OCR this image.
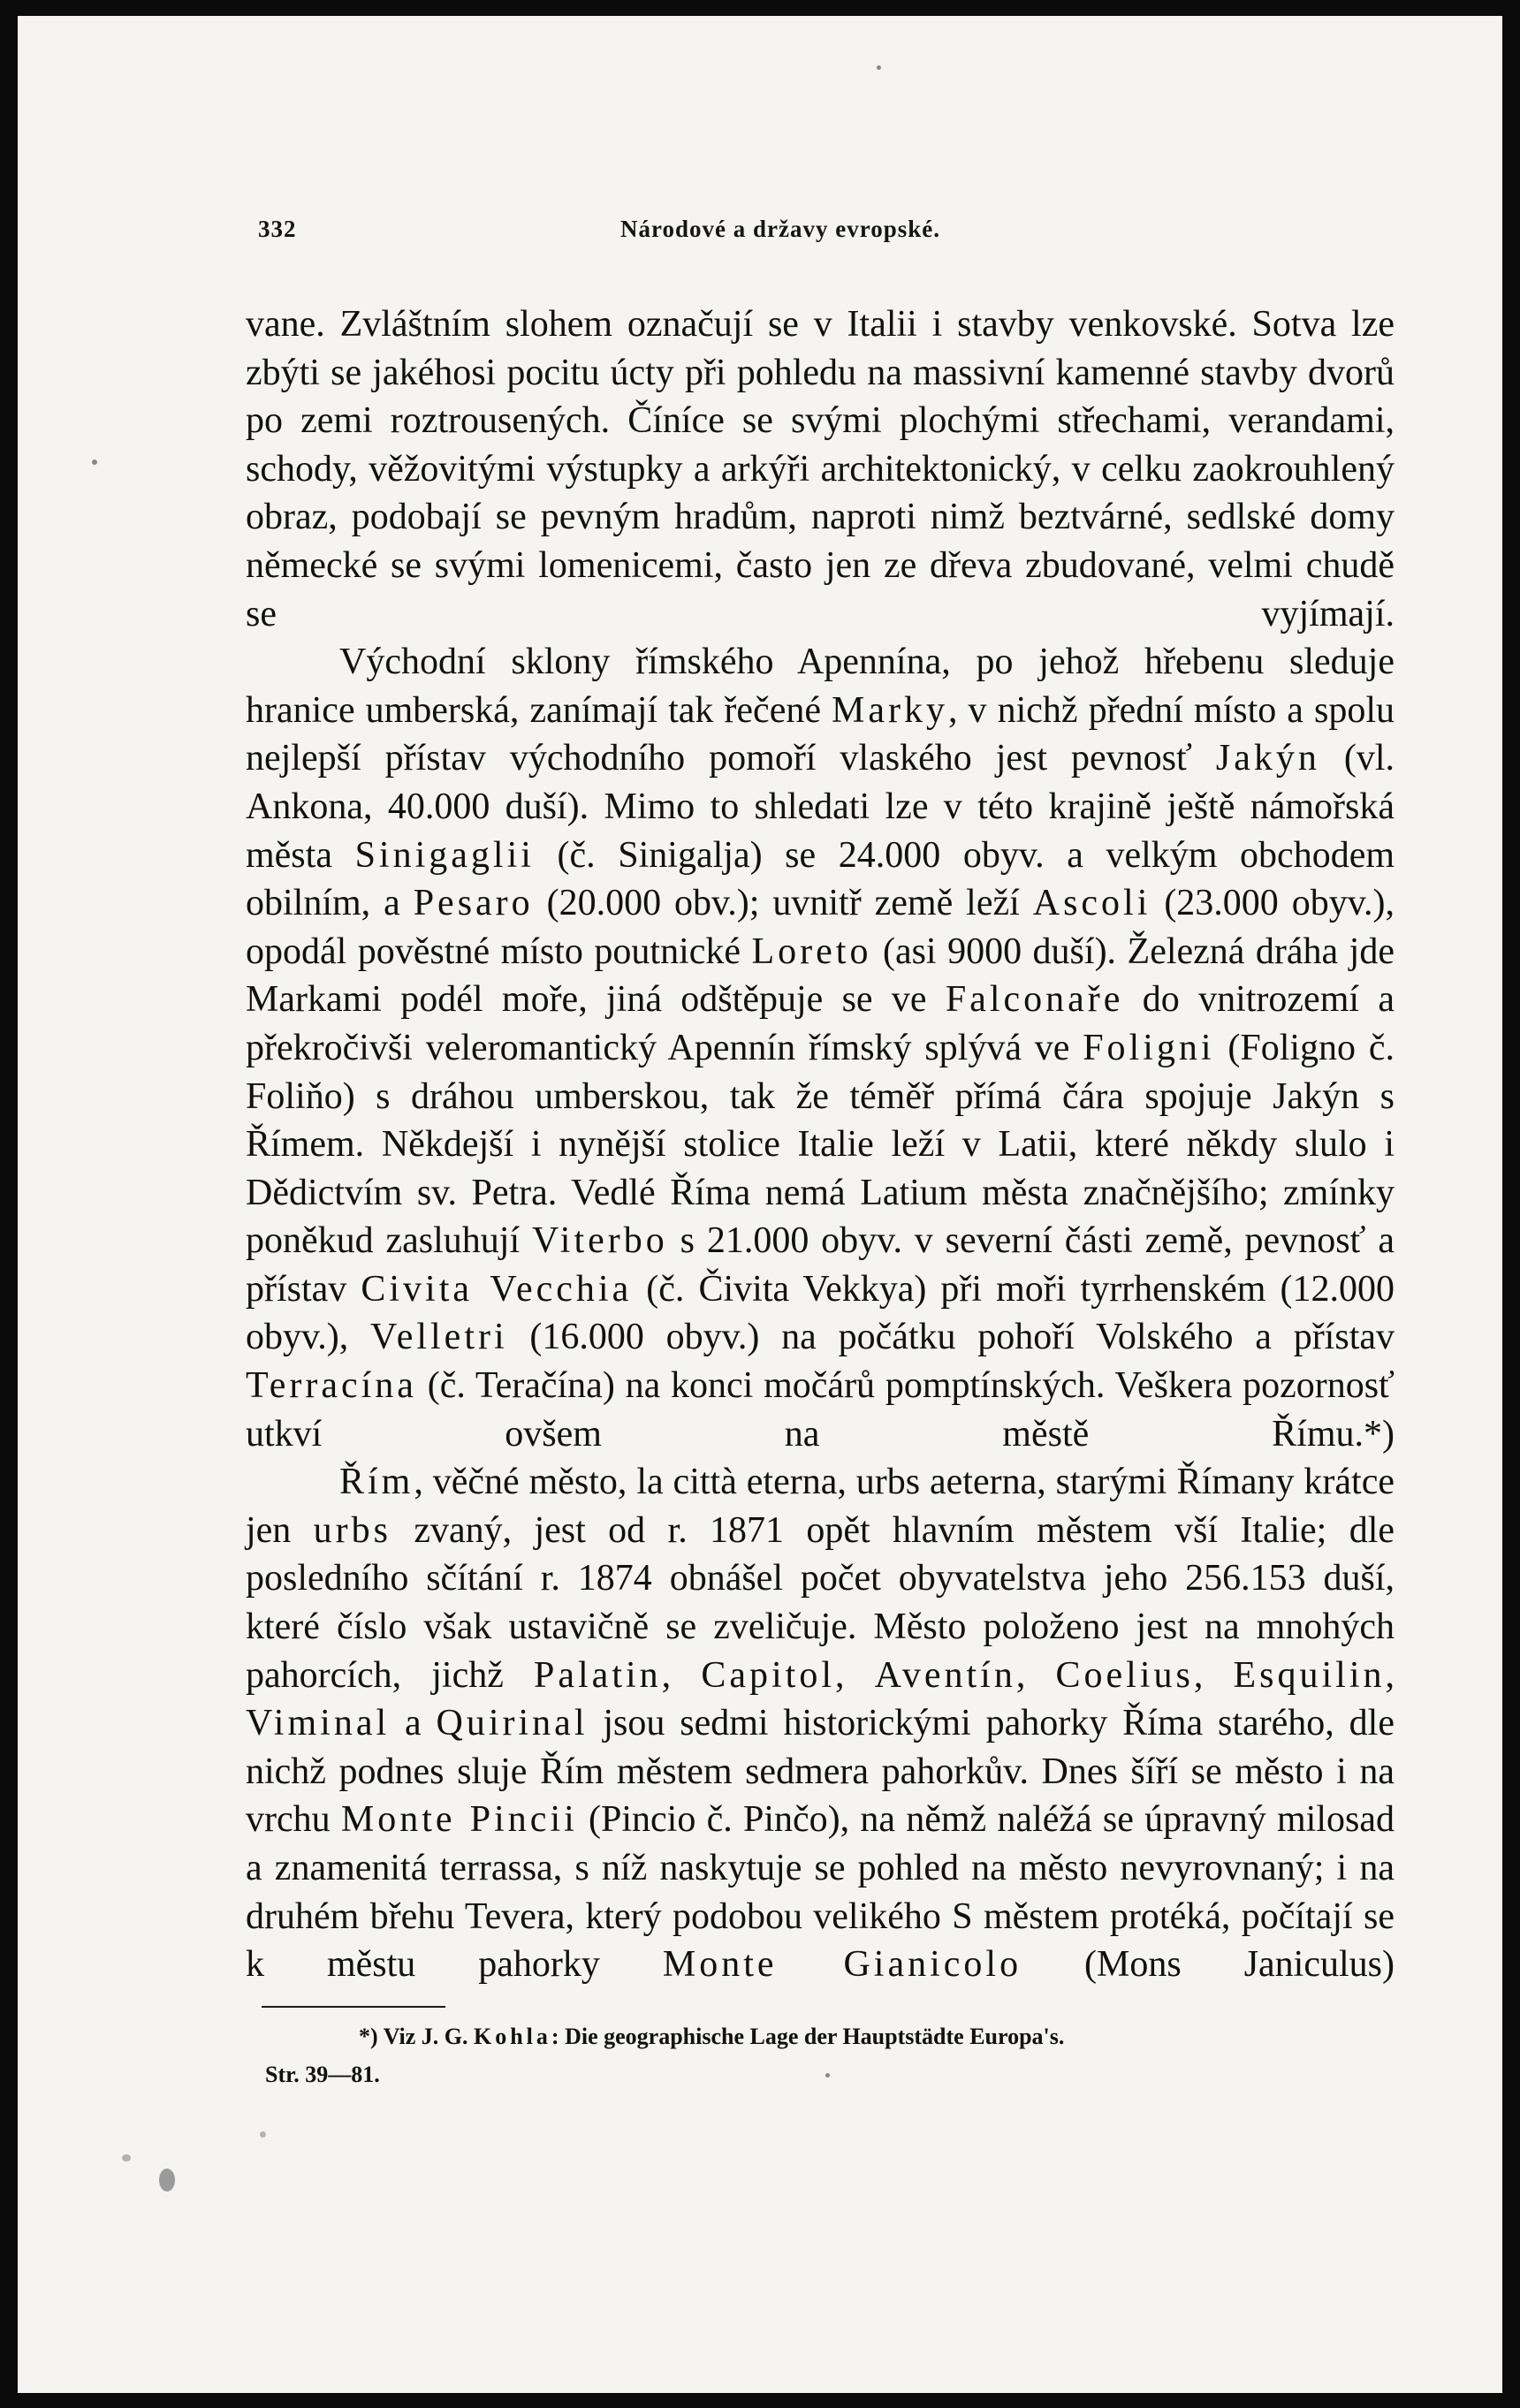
332	Národové a državy evropské.

vane. Zvláštním slohem označují se v Italii i stavby venkovské. Sotva lze zbýti se jakéhosi pocitu úcty při pohledu na massivní kamenné stavby dvorů po zemi roztrousených. Číníce se svými plochými střechami, verandami, schody, věžovitými výstupky a arkýři architektonický, v celku zaokrouhlený obraz, podobají se pevným hradům, naproti nimž beztvárné, sedlské domy německé se svými lomenicemi, často jen ze dřeva zbudované, velmi chudě se vyjímají.

Východní sklony římského Apennína, po jehož hřebenu sleduje hranice umberská, zanímají tak řečené Marky, v nichž přední místo a spolu nejlepší přístav východního pomoří vlaského jest pevnosť Jakýn (vl. Ankona, 40.000 duší). Mimo to shledati lze v této krajině ještě námořská města Sinigaglii (č. Sinigalja) se 24.000 obyv. a velkým obchodem obilním, a Pesaro (20.000 obv.); uvnitř země leží Ascoli (23.000 obyv.), opodál pověstné místo poutnické Loreto (asi 9000 duší). Železná dráha jde Markami podél moře, jiná odštěpuje se ve Falconaře do vnitrozemí a překročivši veleromantický Apennín římský splývá ve Foligni (Foligno č. Foliňo) s dráhou umberskou, tak že téměř přímá čára spojuje Jakýn s Římem. Někdejší i nynější stolice Italie leží v Latii, které někdy slulo i Dědictvím sv. Petra. Vedlé Říma nemá Latium města značnějšího; zmínky poněkud zasluhují Viterbo s 21.000 obyv. v severní části země, pevnosť a přístav Civita Vecchia (č. Čivita Vekkya) při moři tyrrhenském (12.000 obyv.), Velletri (16.000 obyv.) na počátku pohoří Volského a přístav Terracína (č. Teračína) na konci močárů pomptínských. Veškera pozornosť utkví ovšem na městě Římu.*)

Řím, věčné město, la città eterna, urbs aeterna, starými Římany krátce jen urbs zvaný, jest od r. 1871 opět hlavním městem vší Italie; dle posledního sčítání r. 1874 obnášel počet obyvatelstva jeho 256.153 duší, které číslo však ustavičně se zveličuje. Město položeno jest na mnohých pahorcích, jichž Palatin, Capitol, Aventín, Coelius, Esquilin, Viminal a Quirinal jsou sedmi historickými pahorky Říma starého, dle nichž podnes sluje Řím městem sedmera pahorkův. Dnes šíří se město i na vrchu Monte Pincii (Pincio č. Pinčo), na němž naléžá se úpravný milosad a znamenitá terrassa, s níž naskytuje se pohled na město nevyrovnaný; i na druhém břehu Tevera, který podobou velikého S městem protéká, počítají se k městu pahorky Monte Gianicolo (Mons Janiculus)

*) Viz J. G. Kohla: Die geographische Lage der Hauptstädte Europa's.
Str. 39—81.
